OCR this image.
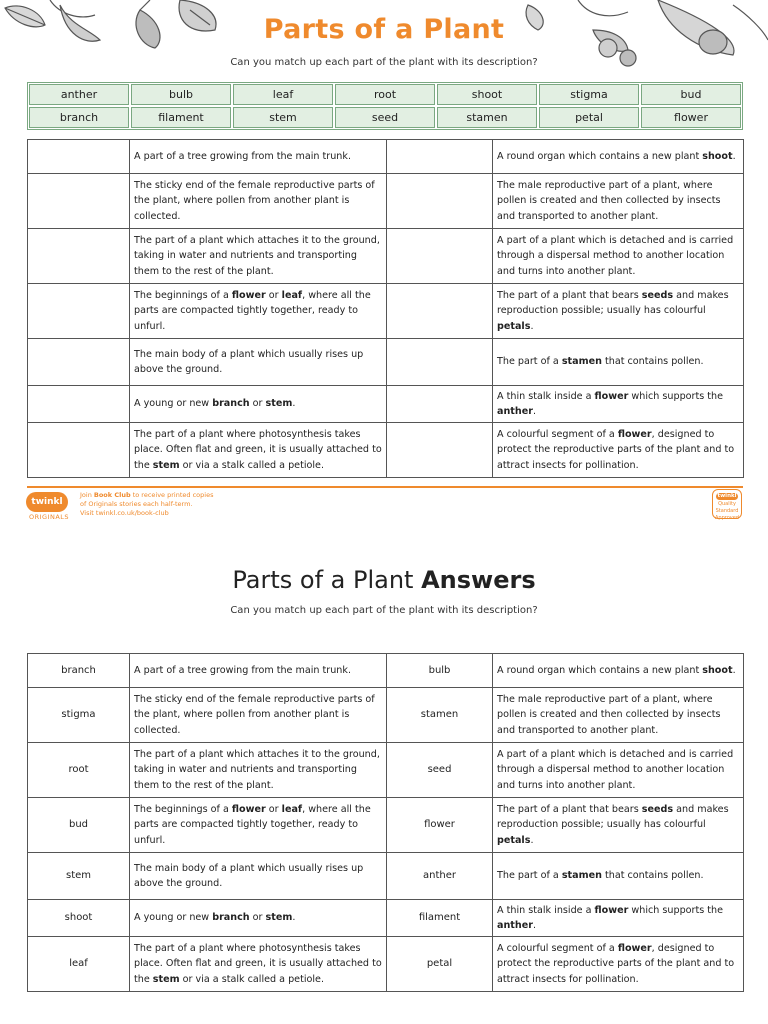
Parts of a Plant
Can you match up each part of the plant with its description?
anther	bulb	leaf	root	shoot	stigma	bud
branch	filament	stem	seed	stamen	petal	flower
	A part of a tree growing from the main trunk.		A round organ which contains a new plant shoot.
	The sticky end of the female reproductive parts of the plant, where pollen from another plant is collected.		The male reproductive part of a plant, where pollen is created and then collected by insects and transported to another plant.
	The part of a plant which attaches it to the ground, taking in water and nutrients and transporting them to the rest of the plant.		A part of a plant which is detached and is carried through a dispersal method to another location and turns into another plant.
	The beginnings of a flower or leaf, where all the parts are compacted tightly together, ready to unfurl.		The part of a plant that bears seeds and makes reproduction possible; usually has colourful petals.
	The main body of a plant which usually rises up above the ground.		The part of a stamen that contains pollen.
	A young or new branch or stem.		A thin stalk inside a flower which supports the anther.
	The part of a plant where photosynthesis takes place. Often flat and green, it is usually attached to the stem or via a stalk called a petiole.		A colourful segment of a flower, designed to protect the reproductive parts of the plant and to attract insects for pollination.
twinkl
ORIGINALS
Join Book Club to receive printed copies
of Originals stories each half-term.
Visit twinkl.co.uk/book-club
twinkl
Quality Standard Approved
Parts of a Plant Answers
Can you match up each part of the plant with its description?
branch	A part of a tree growing from the main trunk.	bulb	A round organ which contains a new plant shoot.
stigma	The sticky end of the female reproductive parts of the plant, where pollen from another plant is collected.	stamen	The male reproductive part of a plant, where pollen is created and then collected by insects and transported to another plant.
root	The part of a plant which attaches it to the ground, taking in water and nutrients and transporting them to the rest of the plant.	seed	A part of a plant which is detached and is carried through a dispersal method to another location and turns into another plant.
bud	The beginnings of a flower or leaf, where all the parts are compacted tightly together, ready to unfurl.	flower	The part of a plant that bears seeds and makes reproduction possible; usually has colourful petals.
stem	The main body of a plant which usually rises up above the ground.	anther	The part of a stamen that contains pollen.
shoot	A young or new branch or stem.	filament	A thin stalk inside a flower which supports the anther.
leaf	The part of a plant where photosynthesis takes place. Often flat and green, it is usually attached to the stem or via a stalk called a petiole.	petal	A colourful segment of a flower, designed to protect the reproductive parts of the plant and to attract insects for pollination.
